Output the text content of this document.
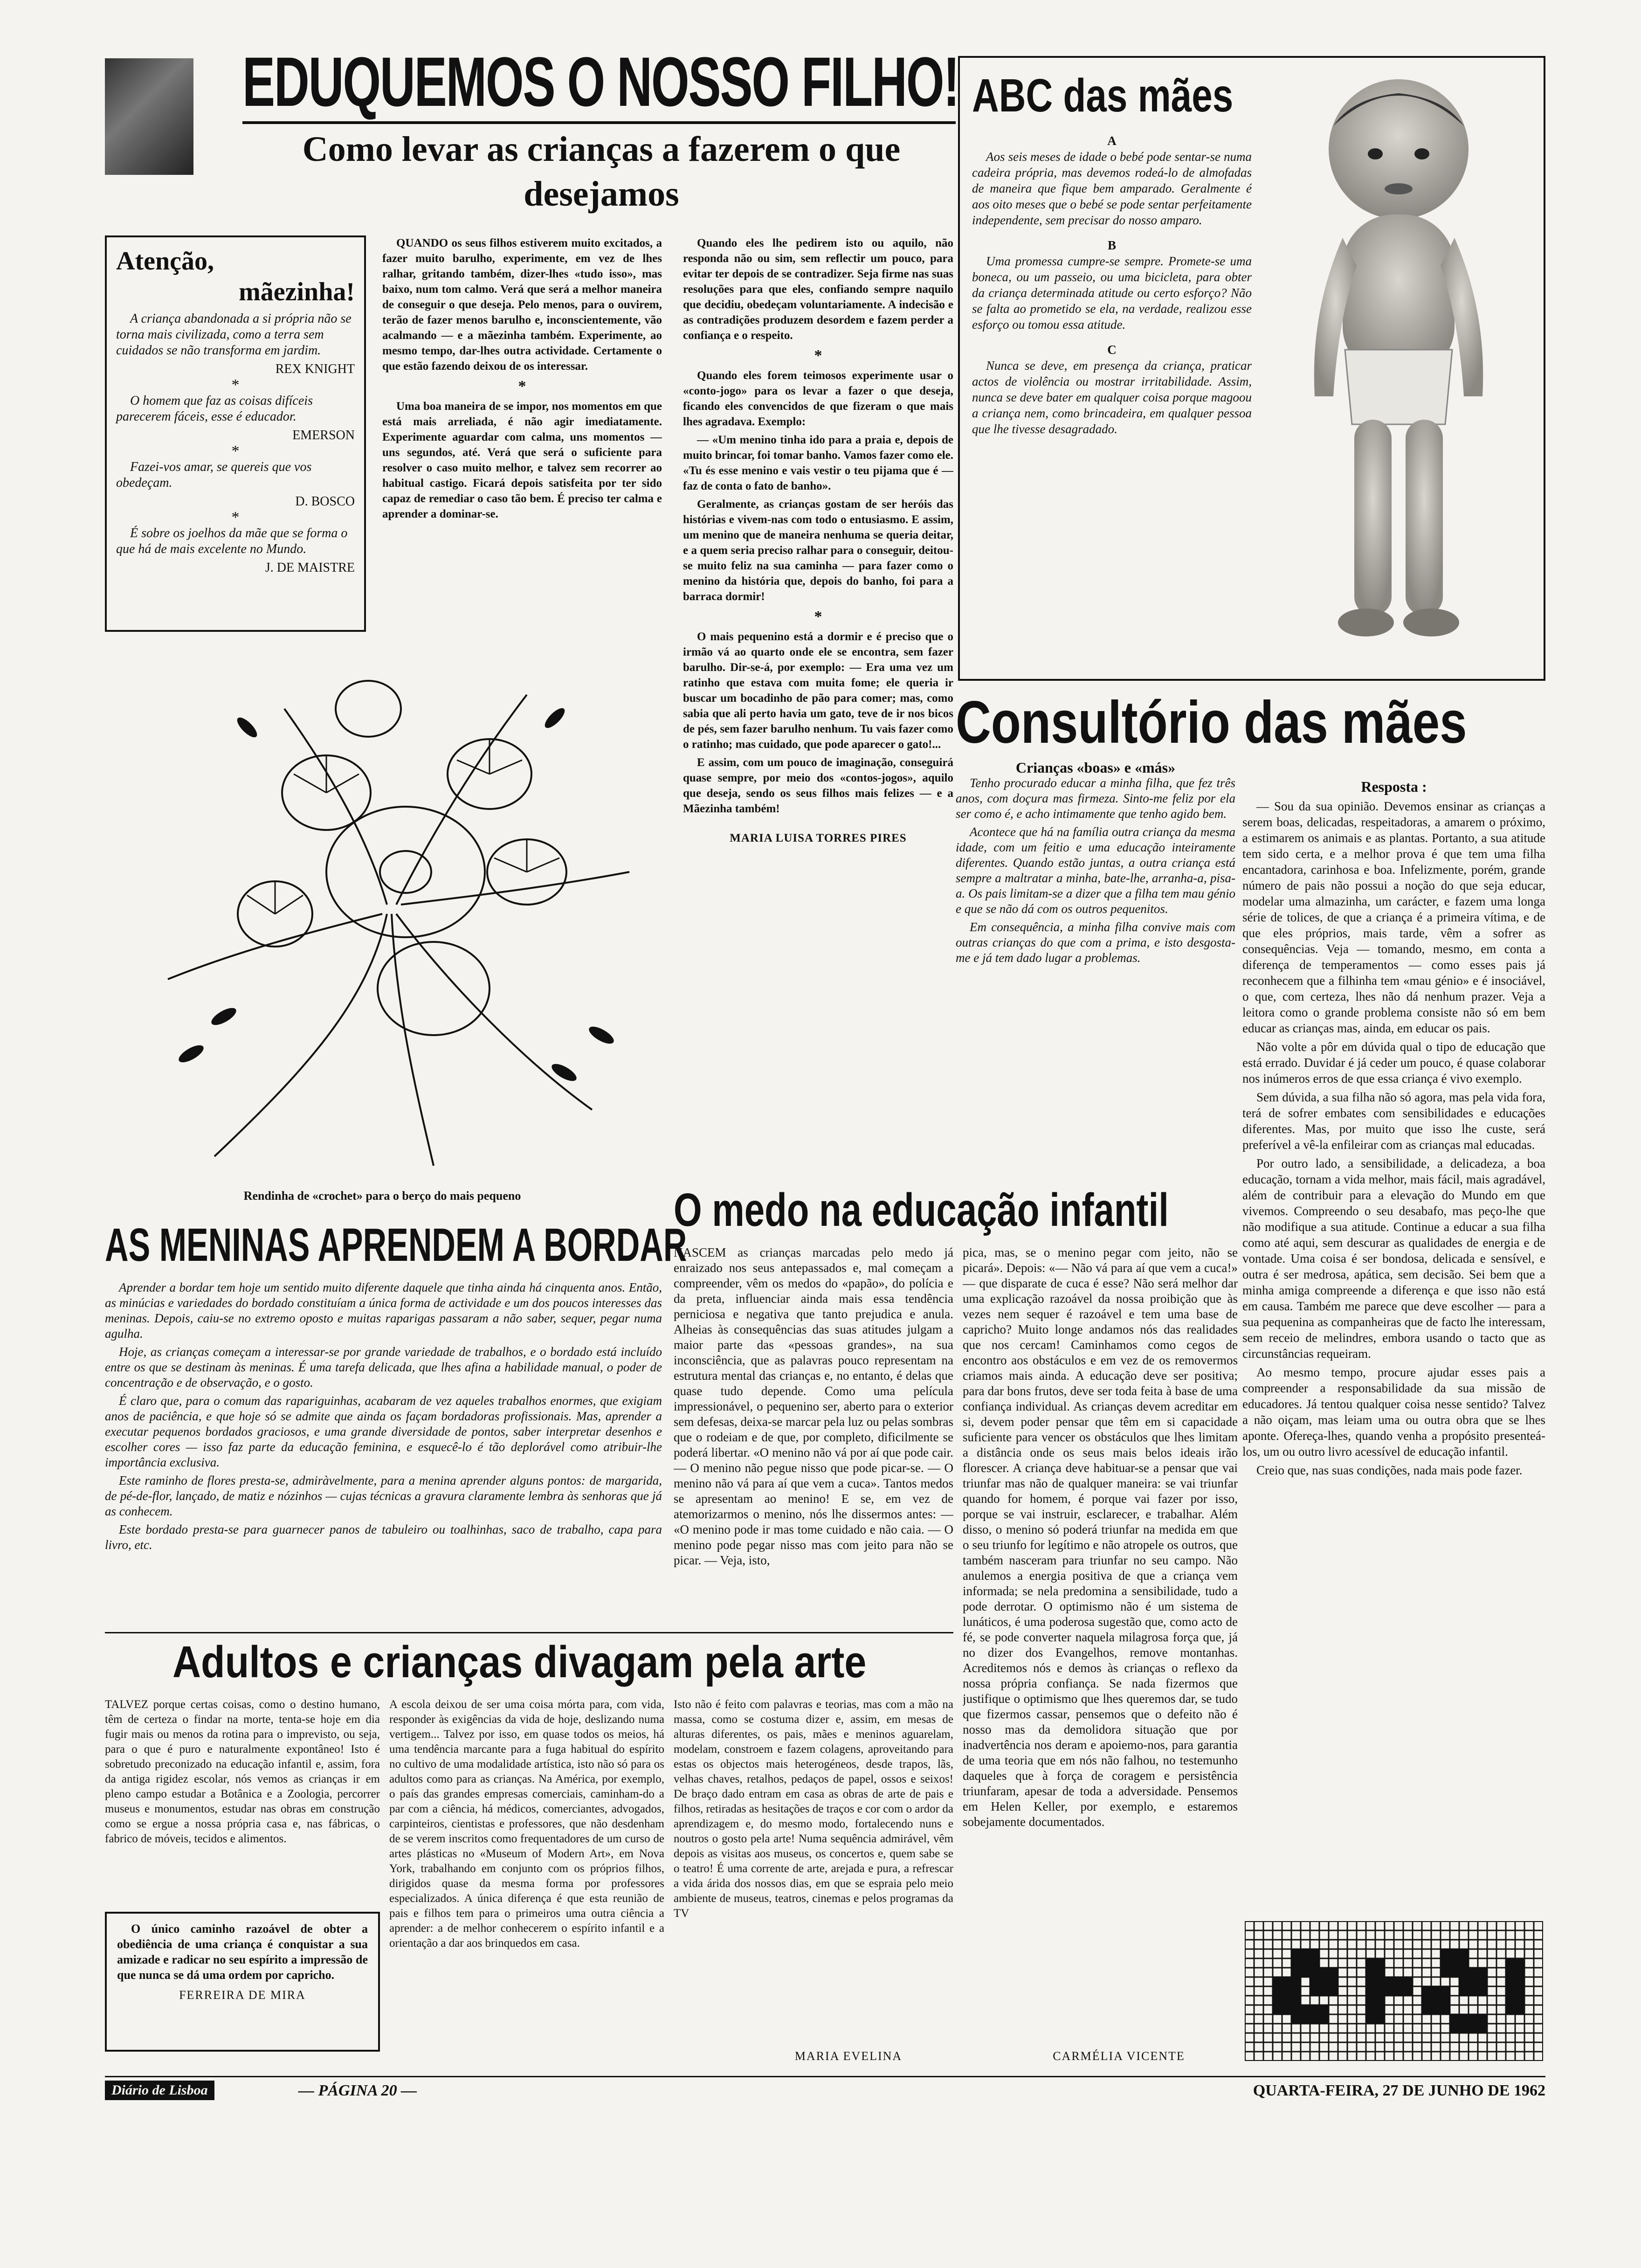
EDUQUEMOS O NOSSO FILHO!
Como levar as crianças a fazerem o que desejamos
Atenção,
mãezinha!

A criança abandonada a si própria não se torna mais civilizada, como a terra sem cuidados se não transforma em jardim.

REX KNIGHT
*

O homem que faz as coisas difíceis parecerem fáceis, esse é educador.

EMERSON
*

Fazei-vos amar, se quereis que vos obedeçam.

D. BOSCO
*

É sobre os joelhos da mãe que se forma o que há de mais excelente no Mundo.

J. DE MAISTRE

QUANDO os seus filhos estiverem muito excitados, a fazer muito barulho, experimente, em vez de lhes ralhar, gritando também, dizer-lhes «tudo isso», mas baixo, num tom calmo. Verá que será a melhor maneira de conseguir o que deseja. Pelo menos, para o ouvirem, terão de fazer menos barulho e, inconscientemente, vão acalmando — e a mãezinha também. Experimente, ao mesmo tempo, dar-lhes outra actividade. Certamente o que estão fazendo deixou de os interessar.

*

Uma boa maneira de se impor, nos momentos em que está mais arreliada, é não agir imediatamente. Experimente aguardar com calma, uns momentos — uns segundos, até. Verá que será o suficiente para resolver o caso muito melhor, e talvez sem recorrer ao habitual castigo. Ficará depois satisfeita por ter sido capaz de remediar o caso tão bem. É preciso ter calma e aprender a dominar-se.

Quando eles lhe pedirem isto ou aquilo, não responda não ou sim, sem reflectir um pouco, para evitar ter depois de se contradizer. Seja firme nas suas resoluções para que eles, confiando sempre naquilo que decidiu, obedeçam voluntariamente. A indecisão e as contradições produzem desordem e fazem perder a confiança e o respeito.

*

Quando eles forem teimosos experimente usar o «conto-jogo» para os levar a fazer o que deseja, ficando eles convencidos de que fizeram o que mais lhes agradava. Exemplo:

— «Um menino tinha ido para a praia e, depois de muito brincar, foi tomar banho. Vamos fazer como ele. «Tu és esse menino e vais vestir o teu pijama que é — faz de conta o fato de banho».

Geralmente, as crianças gostam de ser heróis das histórias e vivem-nas com todo o entusiasmo. E assim, um menino que de maneira nenhuma se queria deitar, e a quem seria preciso ralhar para o conseguir, deitou-se muito feliz na sua caminha — para fazer como o menino da história que, depois do banho, foi para a barraca dormir!

*

O mais pequenino está a dormir e é preciso que o irmão vá ao quarto onde ele se encontra, sem fazer barulho. Dir-se-á, por exemplo: — Era uma vez um ratinho que estava com muita fome; ele queria ir buscar um bocadinho de pão para comer; mas, como sabia que ali perto havia um gato, teve de ir nos bicos de pés, sem fazer barulho nenhum. Tu vais fazer como o ratinho; mas cuidado, que pode aparecer o gato!...

E assim, com um pouco de imaginação, conseguirá quase sempre, por meio dos «contos-jogos», aquilo que deseja, sendo os seus filhos mais felizes — e a Mãezinha também!

MARIA LUISA TORRES PIRES
Rendinha de «crochet» para o berço do mais pequeno
AS MENINAS APRENDEM A BORDAR

Aprender a bordar tem hoje um sentido muito diferente daquele que tinha ainda há cinquenta anos. Então, as minúcias e variedades do bordado constituíam a única forma de actividade e um dos poucos interesses das meninas. Depois, caiu-se no extremo oposto e muitas raparigas passaram a não saber, sequer, pegar numa agulha.

Hoje, as crianças começam a interessar-se por grande variedade de trabalhos, e o bordado está incluído entre os que se destinam às meninas. É uma tarefa delicada, que lhes afina a habilidade manual, o poder de concentração e de observação, e o gosto.

É claro que, para o comum das rapariguinhas, acabaram de vez aqueles trabalhos enormes, que exigiam anos de paciência, e que hoje só se admite que ainda os façam bordadoras profissionais. Mas, aprender a executar pequenos bordados graciosos, e uma grande diversidade de pontos, saber interpretar desenhos e escolher cores — isso faz parte da educação feminina, e esquecê-lo é tão deplorável como atribuir-lhe importância exclusiva.

Este raminho de flores presta-se, admiràvelmente, para a menina aprender alguns pontos: de margarida, de pé-de-flor, lançado, de matiz e nózinhos — cujas técnicas a gravura claramente lembra às senhoras que já as conhecem.

Este bordado presta-se para guarnecer panos de tabuleiro ou toalhinhas, saco de trabalho, capa para livro, etc.

ABC das mães
A

Aos seis meses de idade o bebé pode sentar-se numa cadeira própria, mas devemos rodeá-lo de almofadas de maneira que fique bem amparado. Geralmente é aos oito meses que o bebé se pode sentar perfeitamente independente, sem precisar do nosso amparo.

B

Uma promessa cumpre-se sempre. Promete-se uma boneca, ou um passeio, ou uma bicicleta, para obter da criança determinada atitude ou certo esforço? Não se falta ao prometido se ela, na verdade, realizou esse esforço ou tomou essa atitude.

C

Nunca se deve, em presença da criança, praticar actos de violência ou mostrar irritabilidade. Assim, nunca se deve bater em qualquer coisa porque magoou a criança nem, como brincadeira, em qualquer pessoa que lhe tivesse desagradado.

Consultório das mães
Crianças «boas» e «más»

Tenho procurado educar a minha filha, que fez três anos, com doçura mas firmeza. Sinto-me feliz por ela ser como é, e acho intimamente que tenho agido bem.

Acontece que há na família outra criança da mesma idade, com um feitio e uma educação inteiramente diferentes. Quando estão juntas, a outra criança está sempre a maltratar a minha, bate-lhe, arranha-a, pisa-a. Os pais limitam-se a dizer que a filha tem mau génio e que se não dá com os outros pequenitos.

Em consequência, a minha filha convive mais com outras crianças do que com a prima, e isto desgosta-me e já tem dado lugar a problemas.

Resposta :

— Sou da sua opinião. Devemos ensinar as crianças a serem boas, delicadas, respeitadoras, a amarem o próximo, a estimarem os animais e as plantas. Portanto, a sua atitude tem sido certa, e a melhor prova é que tem uma filha encantadora, carinhosa e boa. Infelizmente, porém, grande número de pais não possui a noção do que seja educar, modelar uma almazinha, um carácter, e fazem uma longa série de tolices, de que a criança é a primeira vítima, e de que eles próprios, mais tarde, vêm a sofrer as consequências. Veja — tomando, mesmo, em conta a diferença de temperamentos — como esses pais já reconhecem que a filhinha tem «mau génio» e é insociável, o que, com certeza, lhes não dá nenhum prazer. Veja a leitora como o grande problema consiste não só em bem educar as crianças mas, ainda, em educar os pais.

Não volte a pôr em dúvida qual o tipo de educação que está errado. Duvidar é já ceder um pouco, é quase colaborar nos inúmeros erros de que essa criança é vivo exemplo.

Sem dúvida, a sua filha não só agora, mas pela vida fora, terá de sofrer embates com sensibilidades e educações diferentes. Mas, por muito que isso lhe custe, será preferível a vê-la enfileirar com as crianças mal educadas.

Por outro lado, a sensibilidade, a delicadeza, a boa educação, tornam a vida melhor, mais fácil, mais agradável, além de contribuir para a elevação do Mundo em que vivemos. Compreendo o seu desabafo, mas peço-lhe que não modifique a sua atitude. Continue a educar a sua filha como até aqui, sem descurar as qualidades de energia e de vontade. Uma coisa é ser bondosa, delicada e sensível, e outra é ser medrosa, apática, sem decisão. Sei bem que a minha amiga compreende a diferença e que isso não está em causa. Também me parece que deve escolher — para a sua pequenina as companheiras que de facto lhe interessam, sem receio de melindres, embora usando o tacto que as circunstâncias requeiram.

Ao mesmo tempo, procure ajudar esses pais a compreender a responsabilidade da sua missão de educadores. Já tentou qualquer coisa nesse sentido? Talvez a não oiçam, mas leiam uma ou outra obra que se lhes aponte. Ofereça-lhes, quando venha a propósito presenteá-los, um ou outro livro acessível de educação infantil.

Creio que, nas suas condições, nada mais pode fazer.

O medo na educação infantil

NASCEM as crianças marcadas pelo medo já enraizado nos seus antepassados e, mal começam a compreender, vêm os medos do «papão», do polícia e da preta, influenciar ainda mais essa tendência perniciosa e negativa que tanto prejudica e anula. Alheias às consequências das suas atitudes julgam a maior parte das «pessoas grandes», na sua inconsciência, que as palavras pouco representam na estrutura mental das crianças e, no entanto, é delas que quase tudo depende. Como uma película impressionável, o pequenino ser, aberto para o exterior sem defesas, deixa-se marcar pela luz ou pelas sombras que o rodeiam e de que, por completo, dificilmente se poderá libertar. «O menino não vá por aí que pode cair. — O menino não pegue nisso que pode picar-se. — O menino não vá para aí que vem a cuca». Tantos medos se apresentam ao menino! E se, em vez de atemorizarmos o menino, nós lhe dissermos antes: — «O menino pode ir mas tome cuidado e não caia. — O menino pode pegar nisso mas com jeito para não se picar. — Veja, isto,

pica, mas, se o menino pegar com jeito, não se picará». Depois: «— Não vá para aí que vem a cuca!» — que disparate de cuca é esse? Não será melhor dar uma explicação razoável da nossa proibição que às vezes nem sequer é razoável e tem uma base de capricho? Muito longe andamos nós das realidades que nos cercam! Caminhamos como cegos de encontro aos obstáculos e em vez de os removermos criamos mais ainda. A educação deve ser positiva; para dar bons frutos, deve ser toda feita à base de uma confiança individual. As crianças devem acreditar em si, devem poder pensar que têm em si capacidade suficiente para vencer os obstáculos que lhes limitam a distância onde os seus mais belos ideais irão florescer. A criança deve habituar-se a pensar que vai triunfar mas não de qualquer maneira: se vai triunfar quando for homem, é porque vai fazer por isso, porque se vai instruir, esclarecer, e trabalhar. Além disso, o menino só poderá triunfar na medida em que o seu triunfo for legítimo e não atropele os outros, que também nasceram para triunfar no seu campo. Não anulemos a energia positiva de que a criança vem informada; se nela predomina a sensibilidade, tudo a pode derrotar. O optimismo não é um sistema de lunáticos, é uma poderosa sugestão que, como acto de fé, se pode converter naquela milagrosa força que, já no dizer dos Evangelhos, remove montanhas. Acreditemos nós e demos às crianças o reflexo da nossa própria confiança. Se nada fizermos que justifique o optimismo que lhes queremos dar, se tudo que fizermos cassar, pensemos que o defeito não é nosso mas da demolidora situação que por inadvertência nos deram e apoiemo-nos, para garantia de uma teoria que em nós não falhou, no testemunho daqueles que à força de coragem e persistência triunfaram, apesar de toda a adversidade. Pensemos em Helen Keller, por exemplo, e estaremos sobejamente documentados.

CARMÉLIA VICENTE
Adultos e crianças divagam pela arte

TALVEZ porque certas coisas, como o destino humano, têm de certeza o findar na morte, tenta-se hoje em dia fugir mais ou menos da rotina para o imprevisto, ou seja, para o que é puro e naturalmente expontâneo! Isto é sobretudo preconizado na educação infantil e, assim, fora da antiga rigidez escolar, nós vemos as crianças ir em pleno campo estudar a Botânica e a Zoologia, percorrer museus e monumentos, estudar nas obras em construção como se ergue a nossa própria casa e, nas fábricas, o fabrico de móveis, tecidos e alimentos.

A escola deixou de ser uma coisa mórta para, com vida, responder às exigências da vida de hoje, deslizando numa vertigem... Talvez por isso, em quase todos os meios, há uma tendência marcante para a fuga habitual do espírito no cultivo de uma modalidade artística, isto não só para os adultos como para as crianças. Na América, por exemplo, o país das grandes empresas comerciais, caminham-do a par com a ciência, há médicos, comerciantes, advogados, carpinteiros, cientistas e professores, que não desdenham de se verem inscritos como frequentadores de um curso de artes plásticas no «Museum of Modern Art», em Nova York, trabalhando em conjunto com os próprios filhos, dirigidos quase da mesma forma por professores especializados. A única diferença é que esta reunião de pais e filhos tem para o primeiros uma outra ciência a aprender: a de melhor conhecerem o espírito infantil e a orientação a dar aos brinquedos em casa.

Isto não é feito com palavras e teorias, mas com a mão na massa, como se costuma dizer e, assim, em mesas de alturas diferentes, os pais, mães e meninos aguarelam, modelam, constroem e fazem colagens, aproveitando para estas os objectos mais heterogéneos, desde trapos, lãs, velhas chaves, retalhos, pedaços de papel, ossos e seixos! De braço dado entram em casa as obras de arte de pais e filhos, retiradas as hesitações de traços e cor com o ardor da aprendizagem e, do mesmo modo, fortalecendo nuns e noutros o gosto pela arte! Numa sequência admirável, vêm depois as visitas aos museus, os concertos e, quem sabe se o teatro! É uma corrente de arte, arejada e pura, a refrescar a vida árida dos nossos dias, em que se espraia pelo meio ambiente de museus, teatros, cinemas e pelos programas da TV

MARIA EVELINA
O único caminho razoável de obter a obediência de uma criança é conquistar a sua amizade e radicar no seu espírito a impressão de que nunca se dá uma ordem por capricho.
FERREIRA DE MIRA
Diário de Lisboa	— PÁGINA 20 —	QUARTA-FEIRA, 27 DE JUNHO DE 1962
